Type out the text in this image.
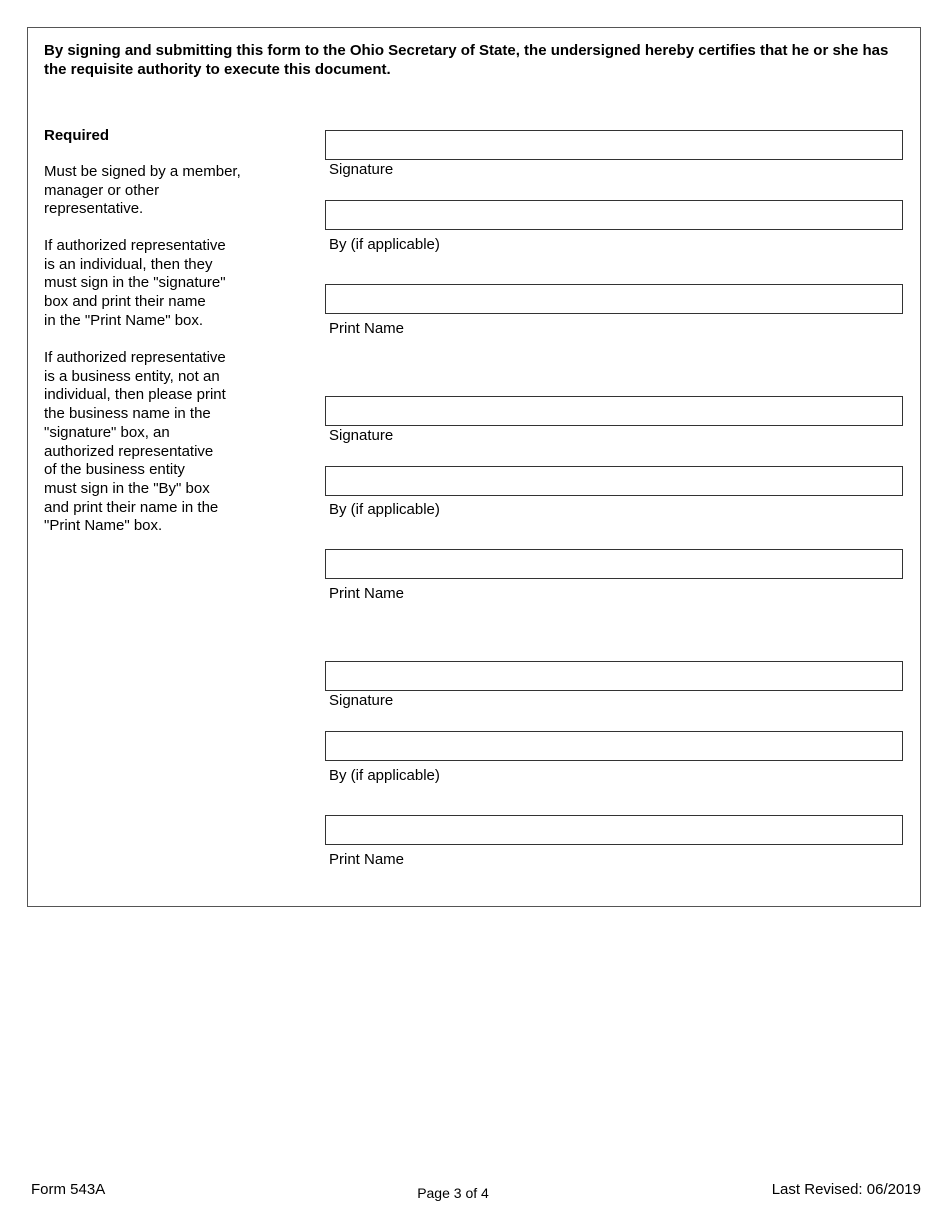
By signing and submitting this form to the Ohio Secretary of State, the undersigned hereby certifies that he or she has the requisite authority to execute this document.
Required
Must be signed by a member,
manager or other
representative.
If authorized representative
is an individual, then they
must sign in the "signature"
box and print their name
in the "Print Name" box.
If authorized representative
is a business entity, not an
individual, then please print
the business name in the
"signature" box, an
authorized representative
of the business entity
must sign in the "By" box
and print their name in the
"Print Name" box.
Signature
By (if applicable)
Print Name
Signature
By (if applicable)
Print Name
Signature
By (if applicable)
Print Name
Form 543A	Page 3 of 4	Last Revised: 06/2019
